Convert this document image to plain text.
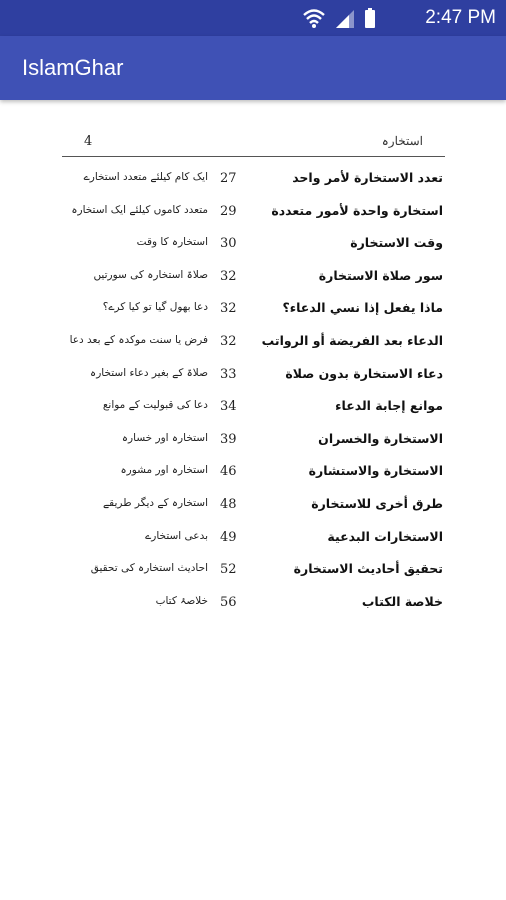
2:47 PM
IslamGhar
4	استخارہ
تعدد الاستخارة لأمر واحد
27
ایک کام کیلئے متعدد استخارے
استخارة واحدة لأمور متعددة
29
متعدد کاموں کیلئے ایک استخارہ
وقت الاستخارة
30
استخارہ کا وقت
سور صلاة الاستخارة
32
صلاۃ استخارہ کی سورتیں
ماذا يفعل إذا نسي الدعاء؟
32
دعا بھول گیا تو کیا کرے؟
الدعاء بعد الفريضة أو الرواتب
32
فرض یا سنت موکدہ کے بعد دعا
دعاء الاستخارة بدون صلاة
33
صلاۃ کے بغیر دعاء استخارہ
موانع إجابة الدعاء
34
دعا کی قبولیت کے موانع
الاستخارة والخسران
39
استخارہ اور خسارہ
الاستخارة والاستشارة
46
استخارہ اور مشورہ
طرق أخرى للاستخارة
48
استخارہ کے دیگر طریقے
الاستخارات البدعية
49
بدعی استخارے
تحقيق أحاديث الاستخارة
52
احادیث استخارہ کی تحقیق
خلاصة الكتاب
56
خلاصۂ کتاب
